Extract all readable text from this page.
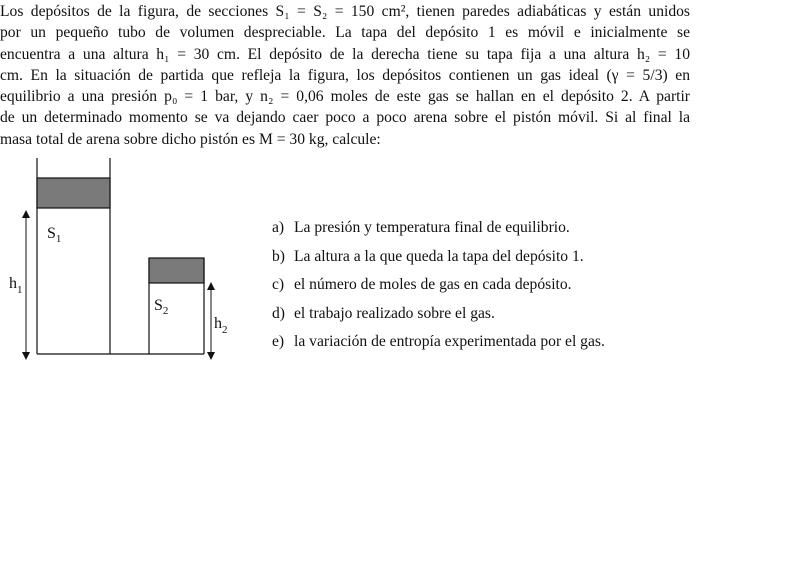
Los depósitos de la figura, de secciones S₁ = S₂ = 150 cm², tienen paredes adiabáticas y están unidos
por un pequeño tubo de volumen despreciable. La tapa del depósito 1 es móvil e inicialmente se
encuentra a una altura h₁ = 30 cm. El depósito de la derecha tiene su tapa fija a una altura h₂ = 10
cm. En la situación de partida que refleja la figura, los depósitos contienen un gas ideal (γ = 5/3) en
equilibrio a una presión p₀ = 1 bar, y n₂ = 0,06 moles de este gas se hallan en el depósito 2. A partir
de un determinado momento se va dejando caer poco a poco arena sobre el pistón móvil. Si al final la
masa total de arena sobre dicho pistón es M = 30 kg, calcule:
$S_1$
$S_2$
$h_1$
$h_2$
a) La presión y temperatura final de equilibrio.
b) La altura a la que queda la tapa del depósito 1.
c) el número de moles de gas en cada depósito.
d) el trabajo realizado sobre el gas.
e) la variación de entropía experimentada por el gas.
